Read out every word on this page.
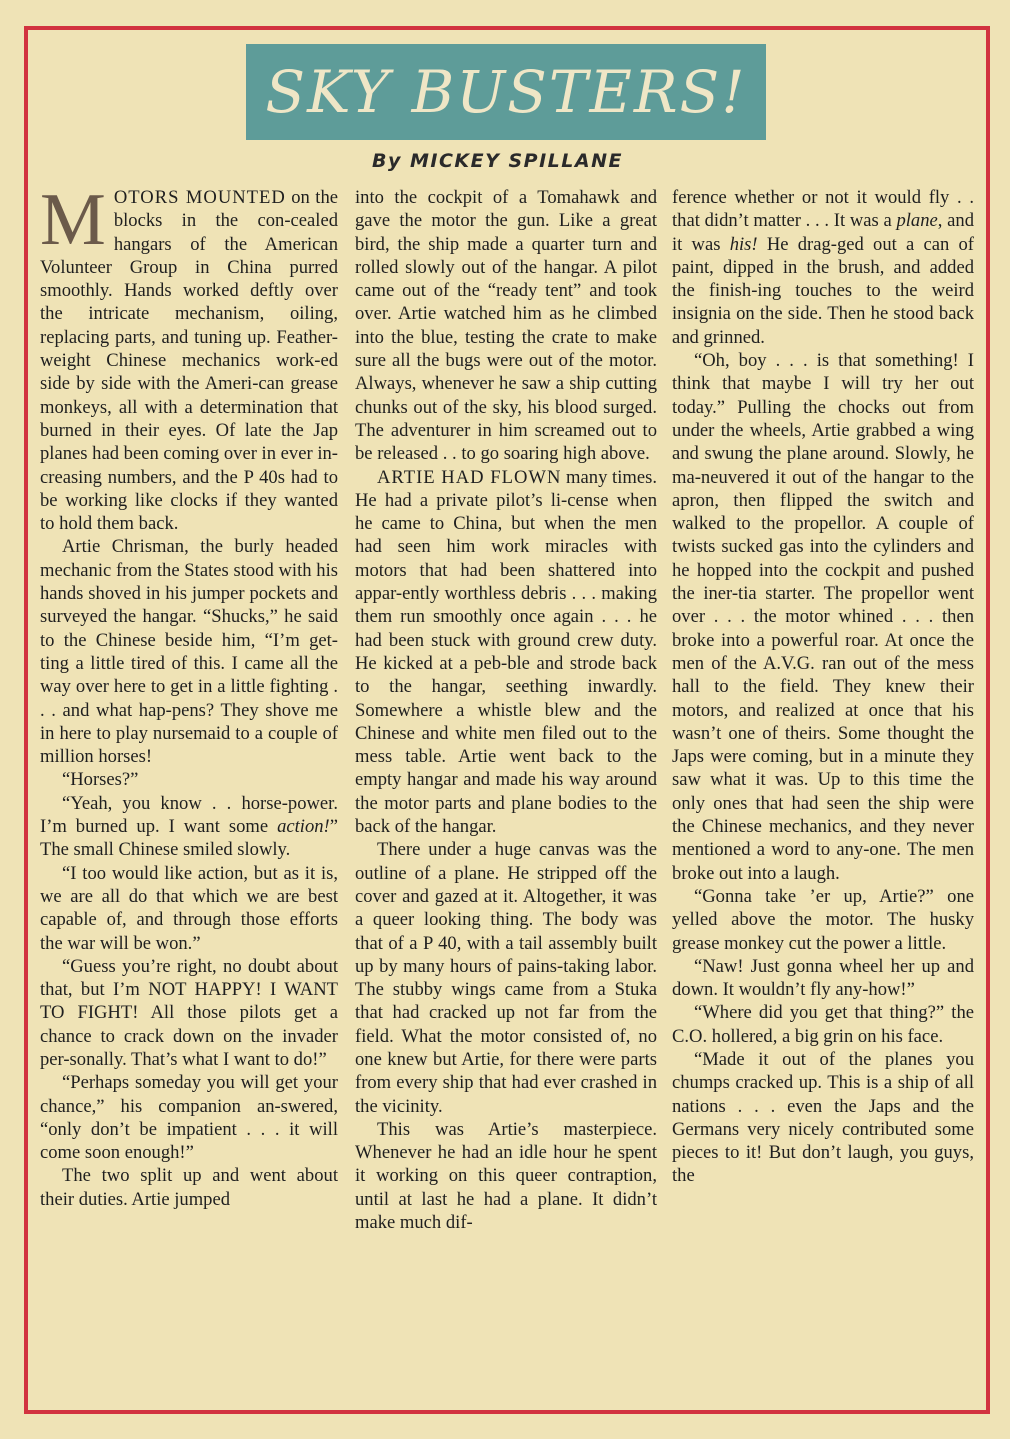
SKY BUSTERS!
By MICKEY SPILLANE

MOTORS MOUNTED on the blocks in the con-cealed hangars of the American Volunteer Group in China purred smoothly. Hands worked deftly over the intricate mechanism, oiling, replacing parts, and tuning up. Feather-weight Chinese mechanics work-ed side by side with the Ameri-can grease monkeys, all with a determination that burned in their eyes. Of late the Jap planes had been coming over in ever in-creasing numbers, and the P 40s had to be working like clocks if they wanted to hold them back.

Artie Chrisman, the burly headed mechanic from the States stood with his hands shoved in his jumper pockets and surveyed the hangar. “Shucks,” he said to the Chinese beside him, “I’m get-ting a little tired of this. I came all the way over here to get in a little fighting . . . and what hap-pens? They shove me in here to play nursemaid to a couple of million horses!

“Horses?”

“Yeah, you know . . horse-power. I’m burned up. I want some action!” The small Chinese smiled slowly.

“I too would like action, but as it is, we are all do that which we are best capable of, and through those efforts the war will be won.”

“Guess you’re right, no doubt about that, but I’m NOT HAPPY! I WANT TO FIGHT! All those pilots get a chance to crack down on the invader per-sonally. That’s what I want to do!”

“Perhaps someday you will get your chance,” his companion an-swered, “only don’t be impatient . . . it will come soon enough!”

The two split up and went about their duties. Artie jumped

into the cockpit of a Tomahawk and gave the motor the gun. Like a great bird, the ship made a quarter turn and rolled slowly out of the hangar. A pilot came out of the “ready tent” and took over. Artie watched him as he climbed into the blue, testing the crate to make sure all the bugs were out of the motor. Always, whenever he saw a ship cutting chunks out of the sky, his blood surged. The adventurer in him screamed out to be released . . to go soaring high above.

ARTIE HAD FLOWN many times. He had a private pilot’s li-cense when he came to China, but when the men had seen him work miracles with motors that had been shattered into appar-ently worthless debris . . . making them run smoothly once again . . . he had been stuck with ground crew duty. He kicked at a peb-ble and strode back to the hangar, seething inwardly. Somewhere a whistle blew and the Chinese and white men filed out to the mess table. Artie went back to the empty hangar and made his way around the motor parts and plane bodies to the back of the hangar.

There under a huge canvas was the outline of a plane. He stripped off the cover and gazed at it. Altogether, it was a queer looking thing. The body was that of a P 40, with a tail assembly built up by many hours of pains-taking labor. The stubby wings came from a Stuka that had cracked up not far from the field. What the motor consisted of, no one knew but Artie, for there were parts from every ship that had ever crashed in the vicinity.

This was Artie’s masterpiece. Whenever he had an idle hour he spent it working on this queer contraption, until at last he had a plane. It didn’t make much dif-

ference whether or not it would fly . . that didn’t matter . . . It was a plane, and it was his! He drag-ged out a can of paint, dipped in the brush, and added the finish-ing touches to the weird insignia on the side. Then he stood back and grinned.

“Oh, boy . . . is that something! I think that maybe I will try her out today.” Pulling the chocks out from under the wheels, Artie grabbed a wing and swung the plane around. Slowly, he ma-neuvered it out of the hangar to the apron, then flipped the switch and walked to the propellor. A couple of twists sucked gas into the cylinders and he hopped into the cockpit and pushed the iner-tia starter. The propellor went over . . . the motor whined . . . then broke into a powerful roar. At once the men of the A.V.G. ran out of the mess hall to the field. They knew their motors, and realized at once that his wasn’t one of theirs. Some thought the Japs were coming, but in a minute they saw what it was. Up to this time the only ones that had seen the ship were the Chinese mechanics, and they never mentioned a word to any-one. The men broke out into a laugh.

“Gonna take ’er up, Artie?” one yelled above the motor. The husky grease monkey cut the power a little.

“Naw! Just gonna wheel her up and down. It wouldn’t fly any-how!”

“Where did you get that thing?” the C.O. hollered, a big grin on his face.

“Made it out of the planes you chumps cracked up. This is a ship of all nations . . . even the Japs and the Germans very nicely contributed some pieces to it! But don’t laugh, you guys, the
